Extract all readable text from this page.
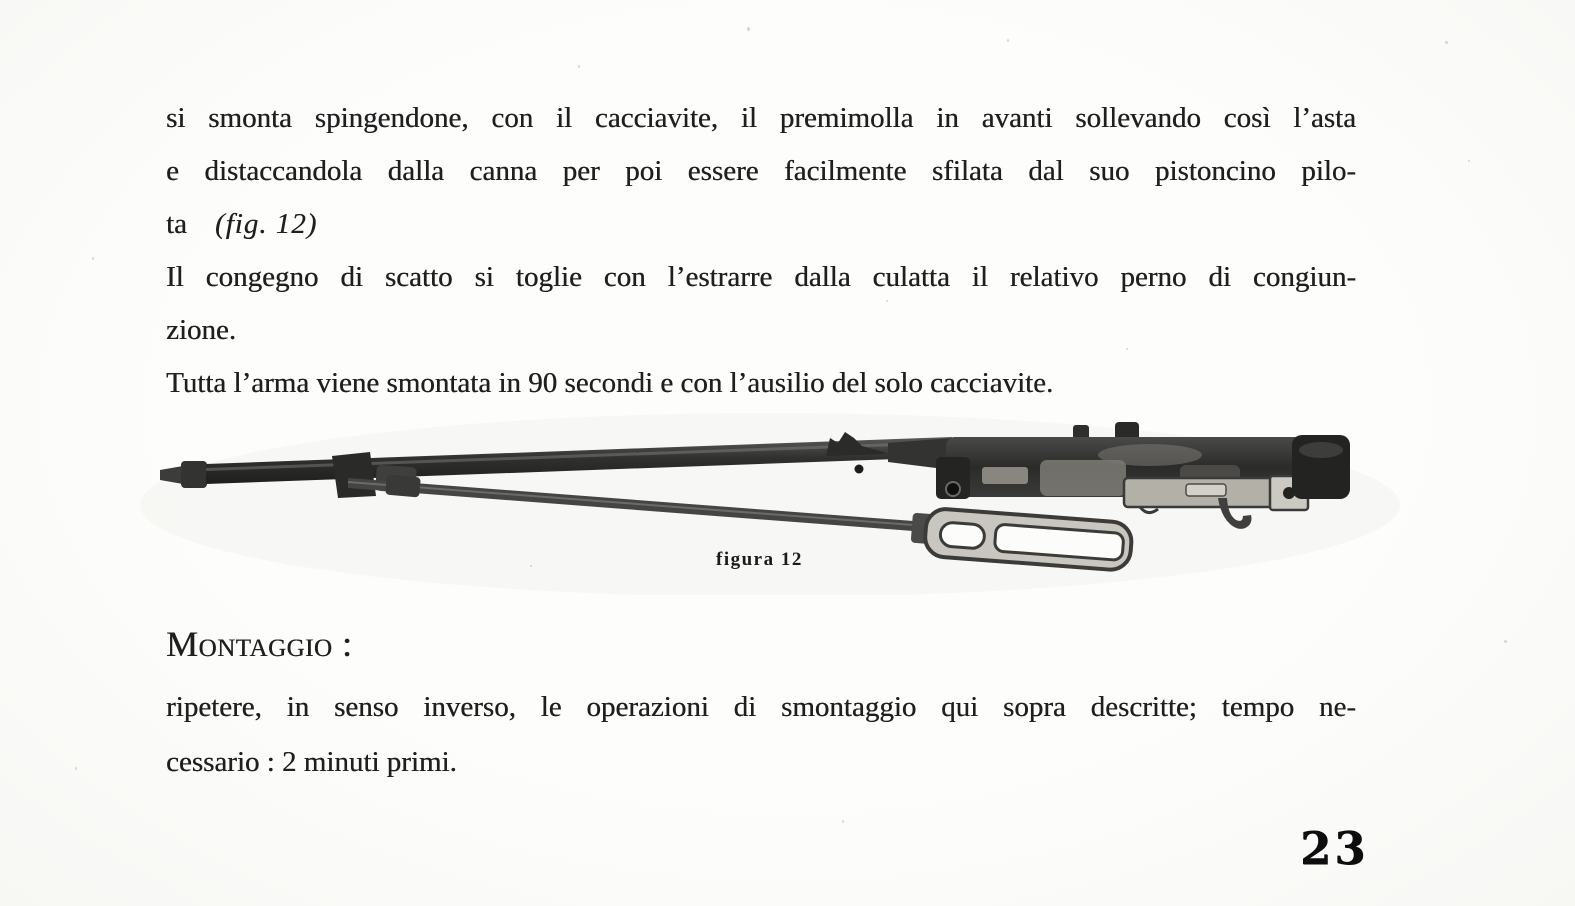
si smonta spingendone, con il cacciavite, il premimolla in avanti sollevando così l’asta
e distaccandola dalla canna per poi essere facilmente sfilata dal suo pistoncino pilo-
ta (fig. 12)
Il congegno di scatto si toglie con l’estrarre dalla culatta il relativo perno di congiun-
zione.
Tutta l’arma viene smontata in 90 secondi e con l’ausilio del solo cacciavite.
figura 12
Montaggio :
ripetere, in senso inverso, le operazioni di smontaggio qui sopra descritte; tempo ne-
cessario : 2 minuti primi.
23
